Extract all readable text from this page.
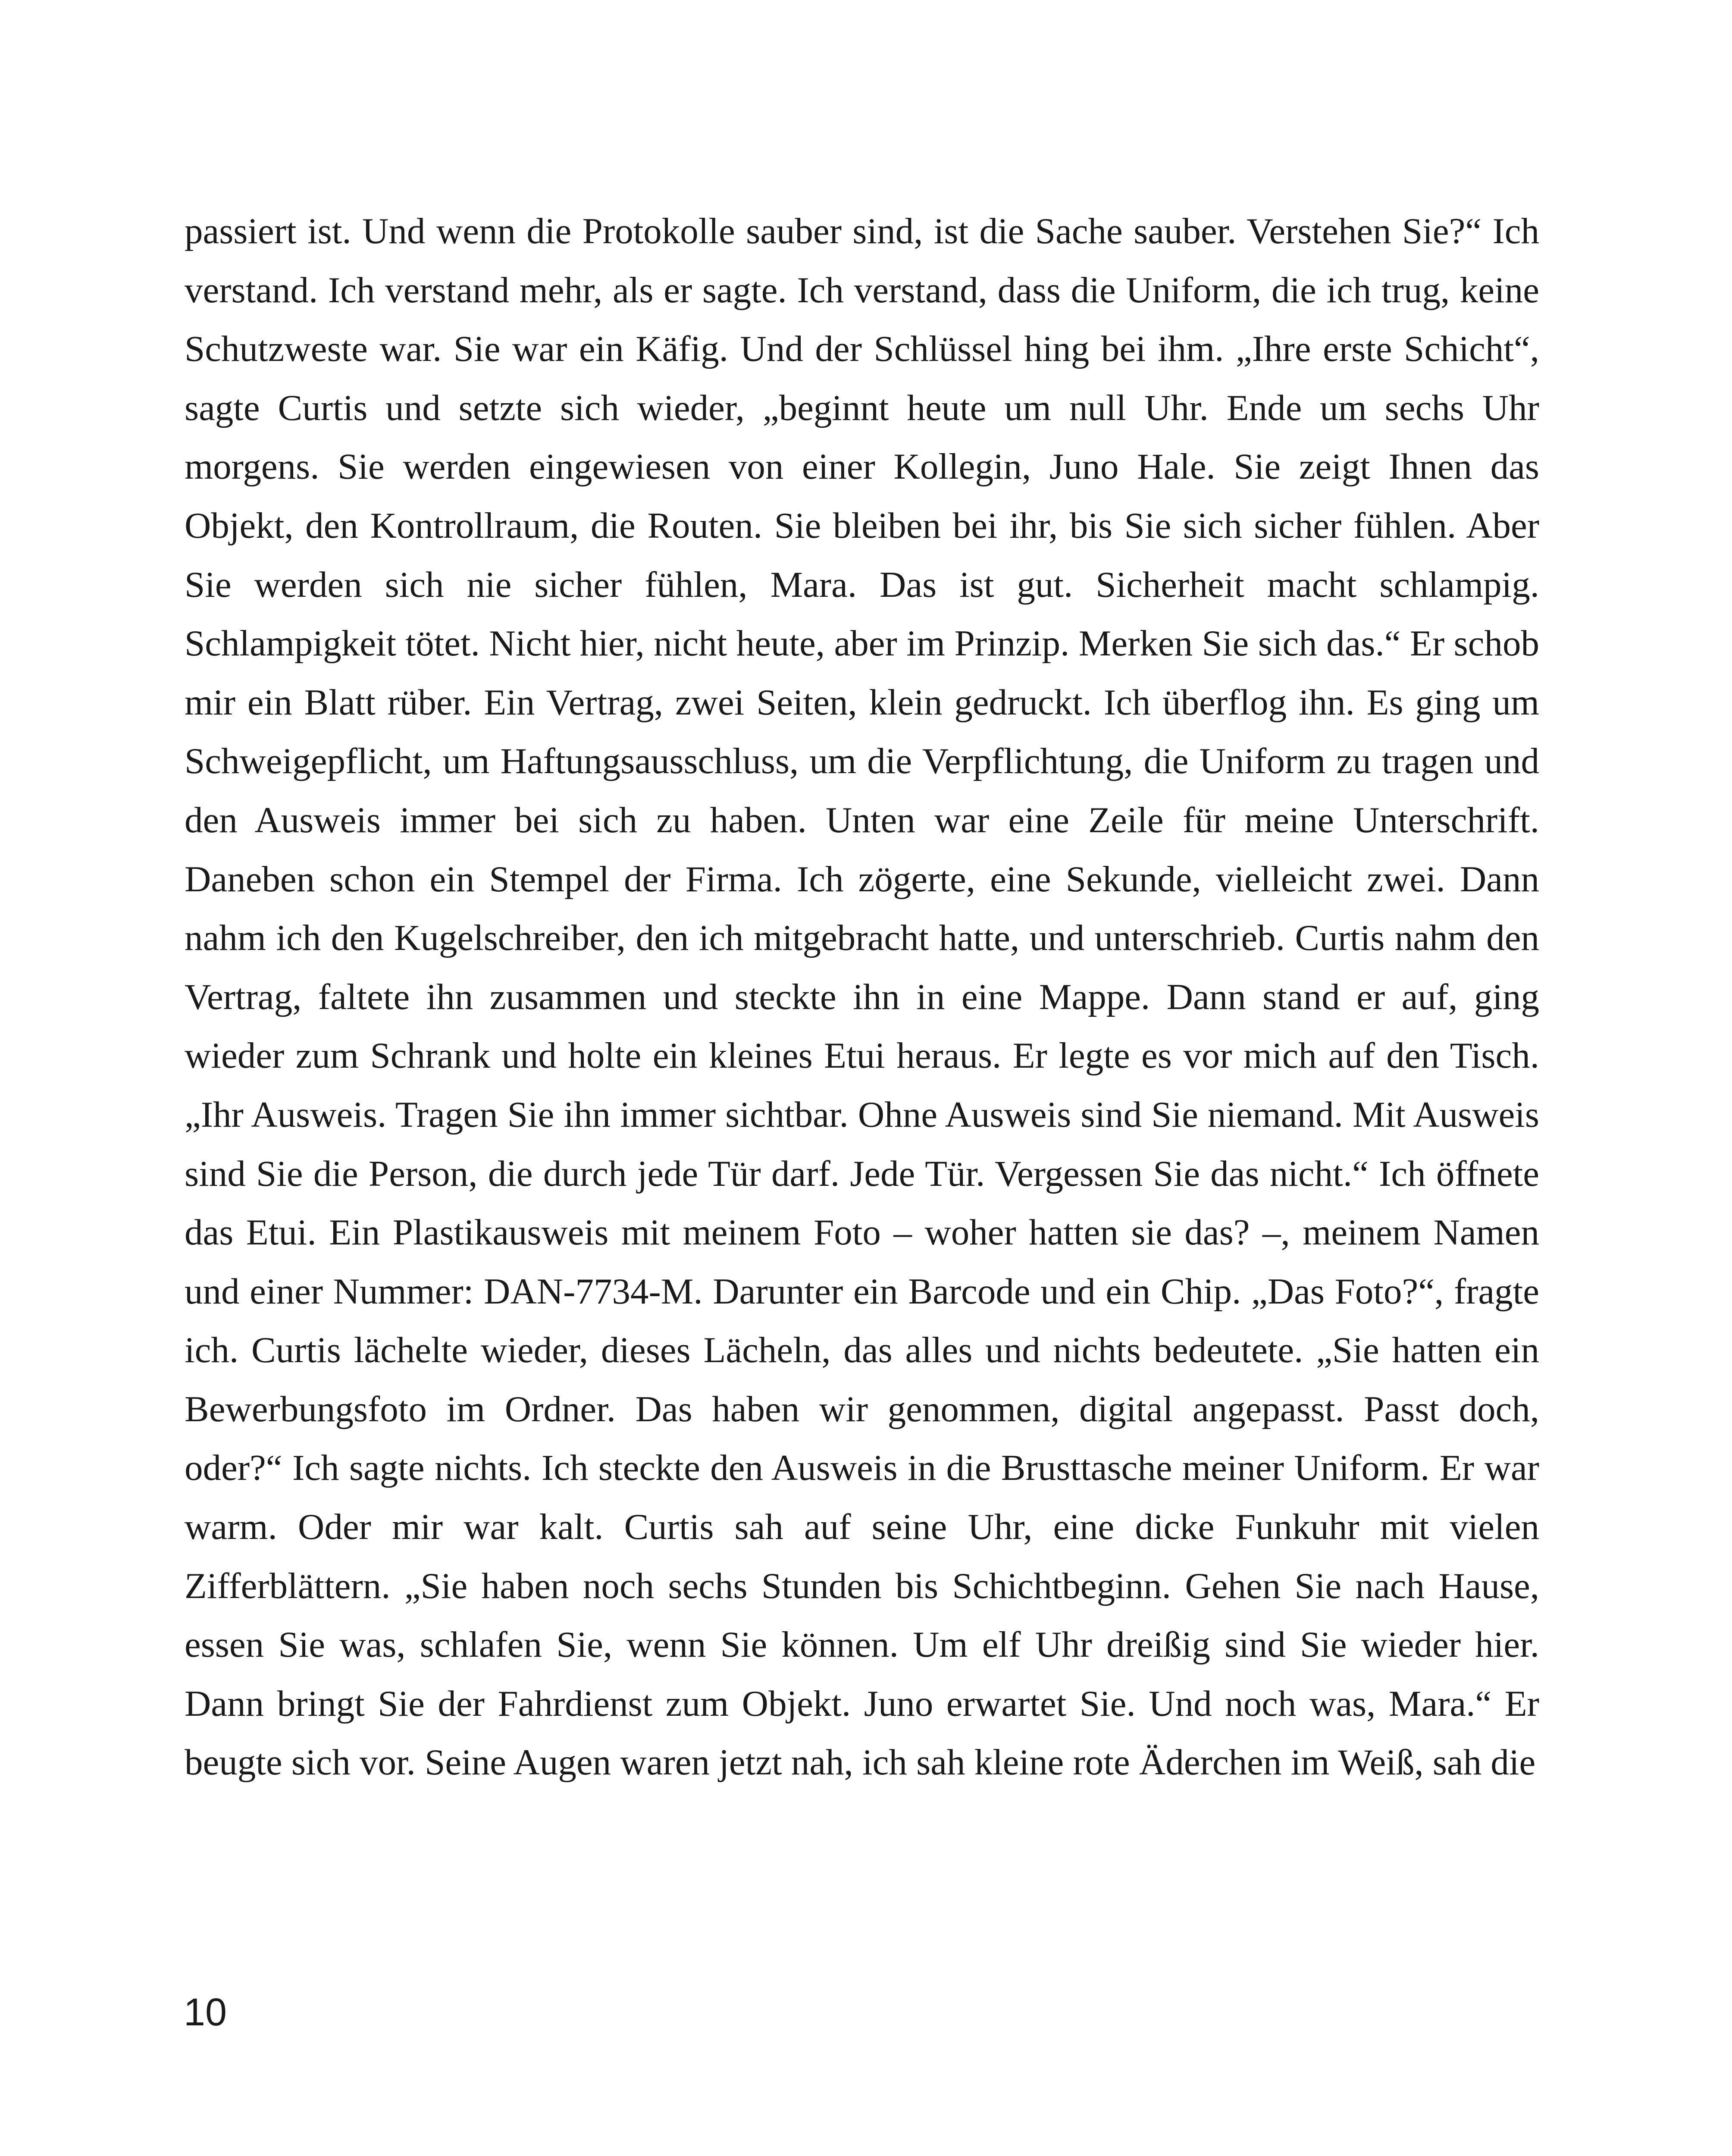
passiert ist. Und wenn die Protokolle sauber sind, ist die Sache sauber. Verstehen Sie?“ Ich verstand. Ich verstand mehr, als er sagte. Ich verstand, dass die Uniform, die ich trug, keine Schutzweste war. Sie war ein Käfig. Und der Schlüssel hing bei ihm. „Ihre erste Schicht“, sagte Curtis und setzte sich wieder, „beginnt heute um null Uhr. Ende um sechs Uhr morgens. Sie werden eingewiesen von einer Kollegin, Juno Hale. Sie zeigt Ihnen das Objekt, den Kontrollraum, die Routen. Sie bleiben bei ihr, bis Sie sich sicher fühlen. Aber Sie werden sich nie sicher fühlen, Mara. Das ist gut. Sicherheit macht schlampig. Schlampigkeit tötet. Nicht hier, nicht heute, aber im Prinzip. Merken Sie sich das.“ Er schob mir ein Blatt rüber. Ein Vertrag, zwei Seiten, klein gedruckt. Ich überflog ihn. Es ging um Schweigepflicht, um Haftungsausschluss, um die Verpflichtung, die Uniform zu tragen und den Ausweis immer bei sich zu haben. Unten war eine Zeile für meine Unterschrift. Daneben schon ein Stempel der Firma. Ich zögerte, eine Sekunde, vielleicht zwei. Dann nahm ich den Kugelschreiber, den ich mitgebracht hatte, und unterschrieb. Curtis nahm den Vertrag, faltete ihn zusammen und steckte ihn in eine Mappe. Dann stand er auf, ging wieder zum Schrank und holte ein kleines Etui heraus. Er legte es vor mich auf den Tisch. „Ihr Ausweis. Tragen Sie ihn immer sichtbar. Ohne Ausweis sind Sie niemand. Mit Ausweis sind Sie die Person, die durch jede Tür darf. Jede Tür. Vergessen Sie das nicht.“ Ich öffnete das Etui. Ein Plastikausweis mit meinem Foto – woher hatten sie das? –, meinem Namen und einer Nummer: DAN-7734-M. Darunter ein Barcode und ein Chip. „Das Foto?“, fragte ich. Curtis lächelte wieder, dieses Lächeln, das alles und nichts bedeutete. „Sie hatten ein Bewerbungsfoto im Ordner. Das haben wir genommen, digital angepasst. Passt doch, oder?“ Ich sagte nichts. Ich steckte den Ausweis in die Brusttasche meiner Uniform. Er war warm. Oder mir war kalt. Curtis sah auf seine Uhr, eine dicke Funkuhr mit vielen Zifferblättern. „Sie haben noch sechs Stunden bis Schichtbeginn. Gehen Sie nach Hause, essen Sie was, schlafen Sie, wenn Sie können. Um elf Uhr dreißig sind Sie wieder hier. Dann bringt Sie der Fahrdienst zum Objekt. Juno erwartet Sie. Und noch was, Mara.“ Er beugte sich vor. Seine Augen waren jetzt nah, ich sah kleine rote Äderchen im Weiß, sah die

10
